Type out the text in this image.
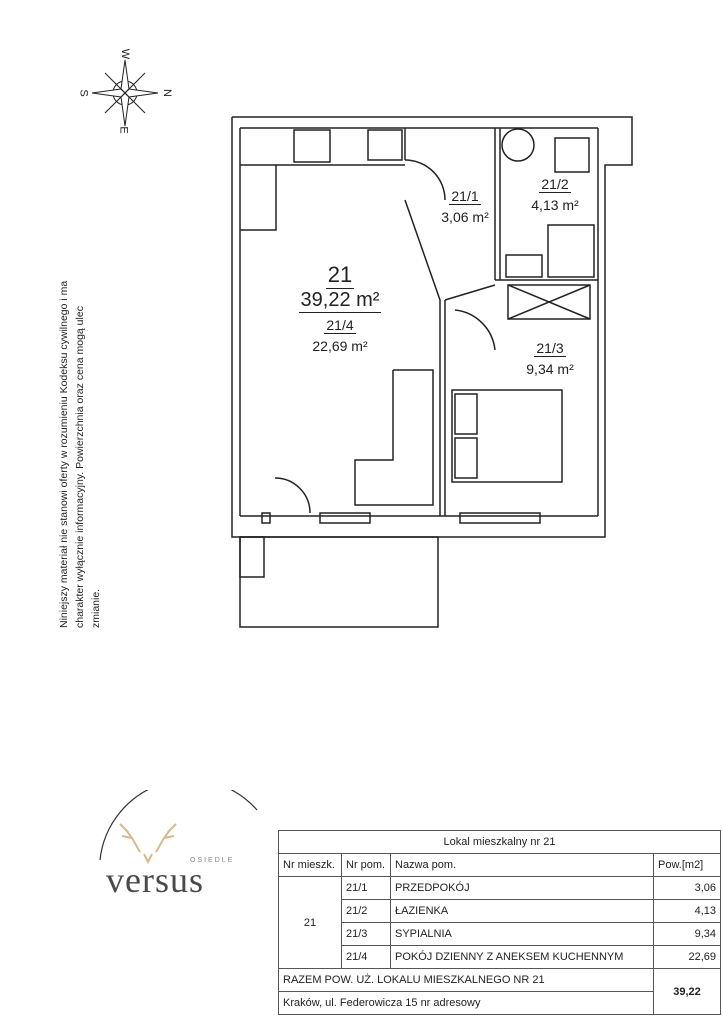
W
S	N
E
21
39,22 m²
21/4
22,69 m²
21/1
3,06 m²
21/2
4,13 m²
21/3
9,34 m²
Niniejszy materiał nie stanowi oferty w rozumieniu Kodeksu cywilnego i ma charakter wyłącznie informacyjny. Powierzchnia oraz cena mogą ulec zmianie.
OSIEDLE
versus
Lokal mieszkalny nr 21			
Nr mieszk.	Nr pom.	Nazwa pom.	Pow.[m2]
21	21/1	PRZEDPOKÓJ	3,06
	21/2	ŁAZIENKA	4,13
	21/3	SYPIALNIA	9,34
	21/4	POKÓJ DZIENNY Z ANEKSEM KUCHENNYM	22,69
RAZEM POW. UŻ. LOKALU MIESZKALNEGO NR 21			39,22
Kraków, ul. Federowicza 15 nr adresowy			
